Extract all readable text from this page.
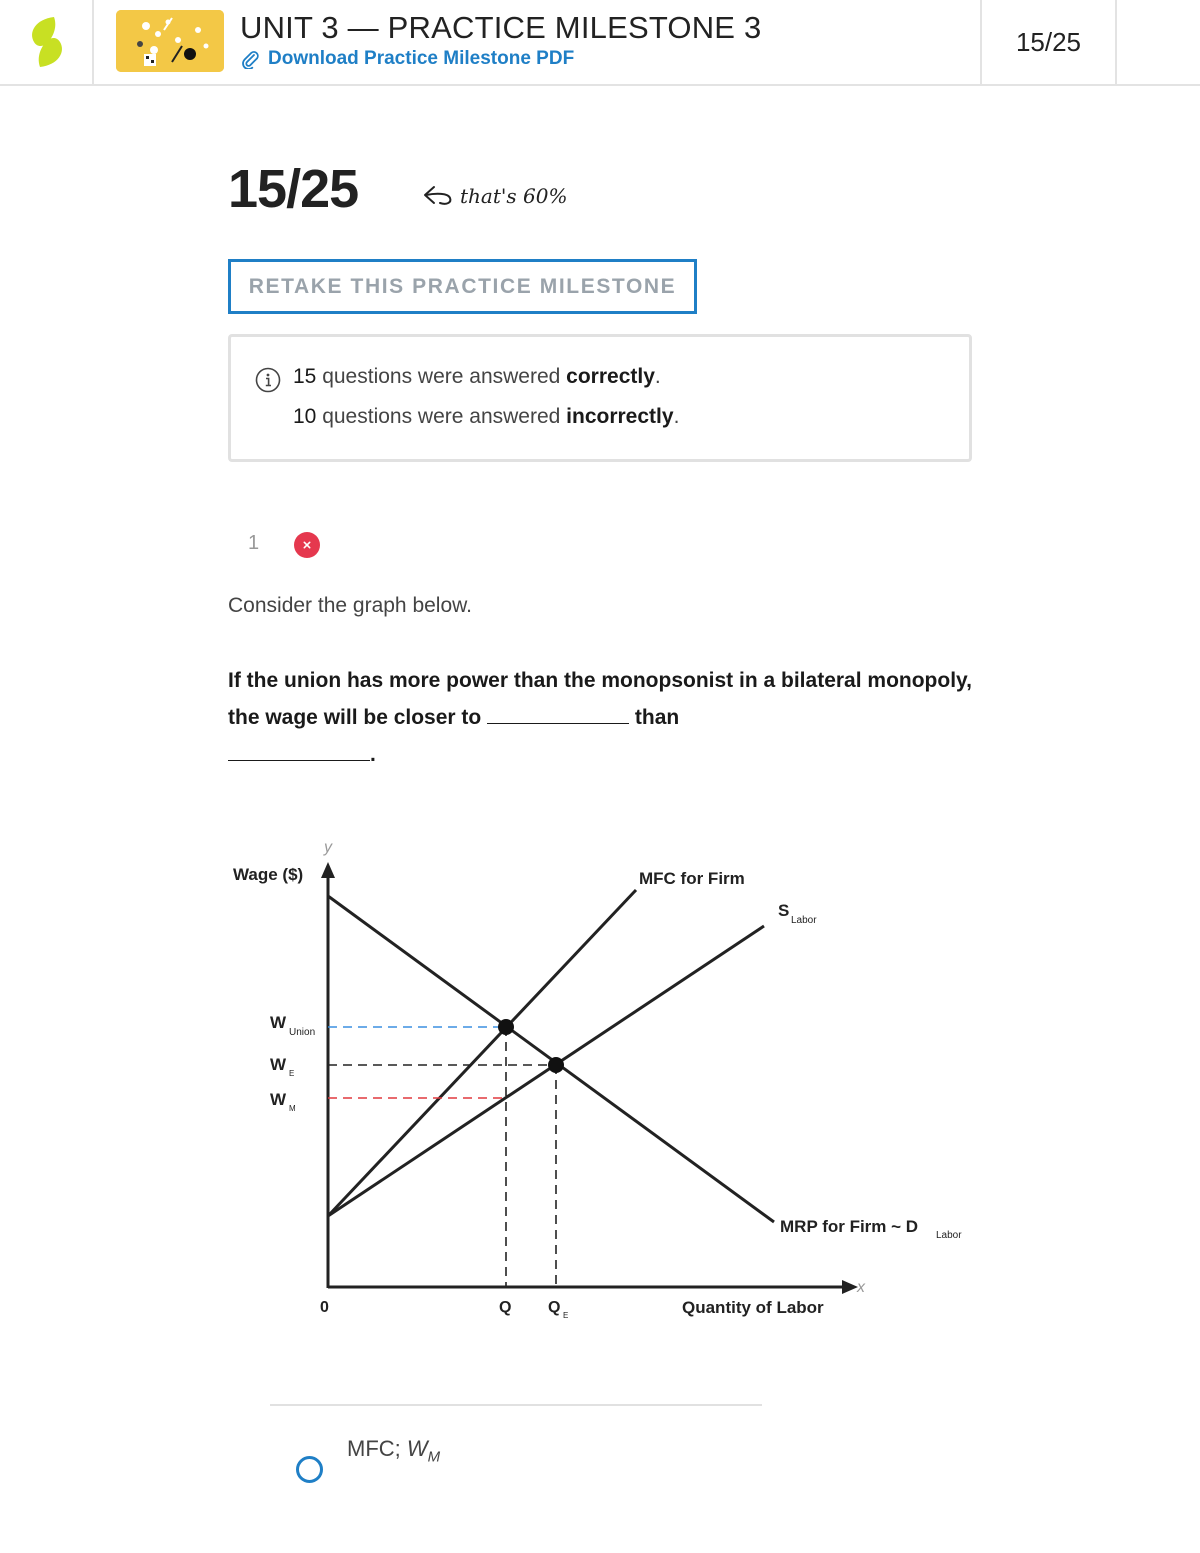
UNIT 3 — PRACTICE MILESTONE 3
Download Practice Milestone PDF
15/25
15/25	that's 60%
RETAKE THIS PRACTICE MILESTONE
15 questions were answered correctly.
10 questions were answered incorrectly.
1
Consider the graph below.
If the union has more power than the monopsonist in a bilateral monopoly, the wage will be closer to	than
.
y
x
Wage ($)
Quantity of Labor
0	Q Q E
W
Union
W E
W M
MFC for Firm
S
Labor
MRP for Firm ~ D Labor
MFC; $W_M$
